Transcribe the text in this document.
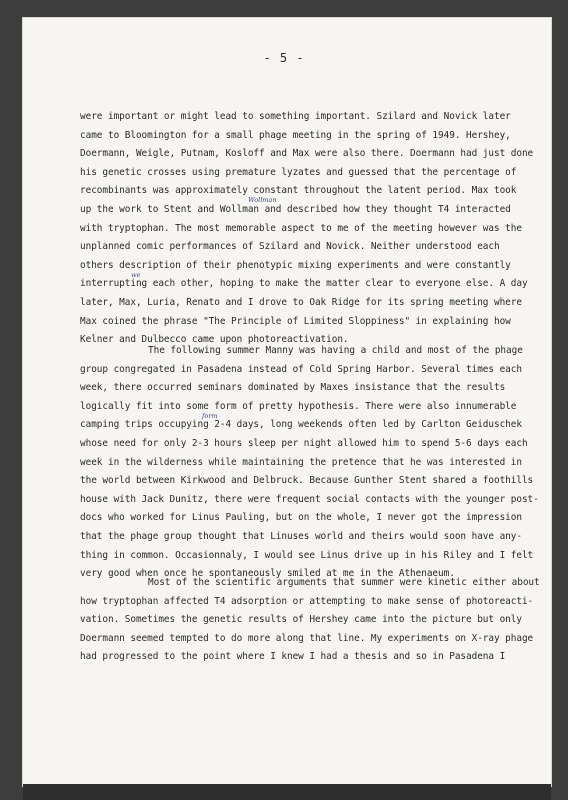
- 5 -
were important or might lead to something important. Szilard and Novick later
came to Bloomington for a small phage meeting in the spring of 1949. Hershey,
Doermann, Weigle, Putnam, Kosloff and Max were also there. Doermann had just done
his genetic crosses using premature lyzates and guessed that the percentage of
recombinants was approximately constant throughout the latent period. Max took
up the work to Stent and Wollman and described how they thought T4 interacted
with tryptophan. The most memorable aspect to me of the meeting however was the
unplanned comic performances of Szilard and Novick. Neither understood each
others description of their phenotypic mixing experiments and were constantly
interrupting each other, hoping to make the matter clear to everyone else. A day
later, Max, Luria, Renato and I drove to Oak Ridge for its spring meeting where
Max coined the phrase "The Principle of Limited Sloppiness" in explaining how
Kelner and Dulbecco came upon photoreactivation.
The following summer Manny was having a child and most of the phage
group congregated in Pasadena instead of Cold Spring Harbor. Several times each
week, there occurred seminars dominated by Maxes insistance that the results
logically fit into some form of pretty hypothesis. There were also innumerable
camping trips occupying 2-4 days, long weekends often led by Carlton Geiduschek
whose need for only 2-3 hours sleep per night allowed him to spend 5-6 days each
week in the wilderness while maintaining the pretence that he was interested in
the world between Kirkwood and Delbruck. Because Gunther Stent shared a foothills
house with Jack Dunitz, there were frequent social contacts with the younger post-
docs who worked for Linus Pauling, but on the whole, I never got the impression
that the phage group thought that Linuses world and theirs would soon have any-
thing in common. Occasionnaly, I would see Linus drive up in his Riley and I felt
very good when once he spontaneously smiled at me in the Athenaeum.
Most of the scientific arguments that summer were kinetic either about
how tryptophan affected T4 adsorption or attempting to make sense of photoreacti-
vation. Sometimes the genetic results of Hershey came into the picture but only
Doermann seemed tempted to do more along that line. My experiments on X-ray phage
had progressed to the point where I knew I had a thesis and so in Pasadena I
Wollman
we
form
